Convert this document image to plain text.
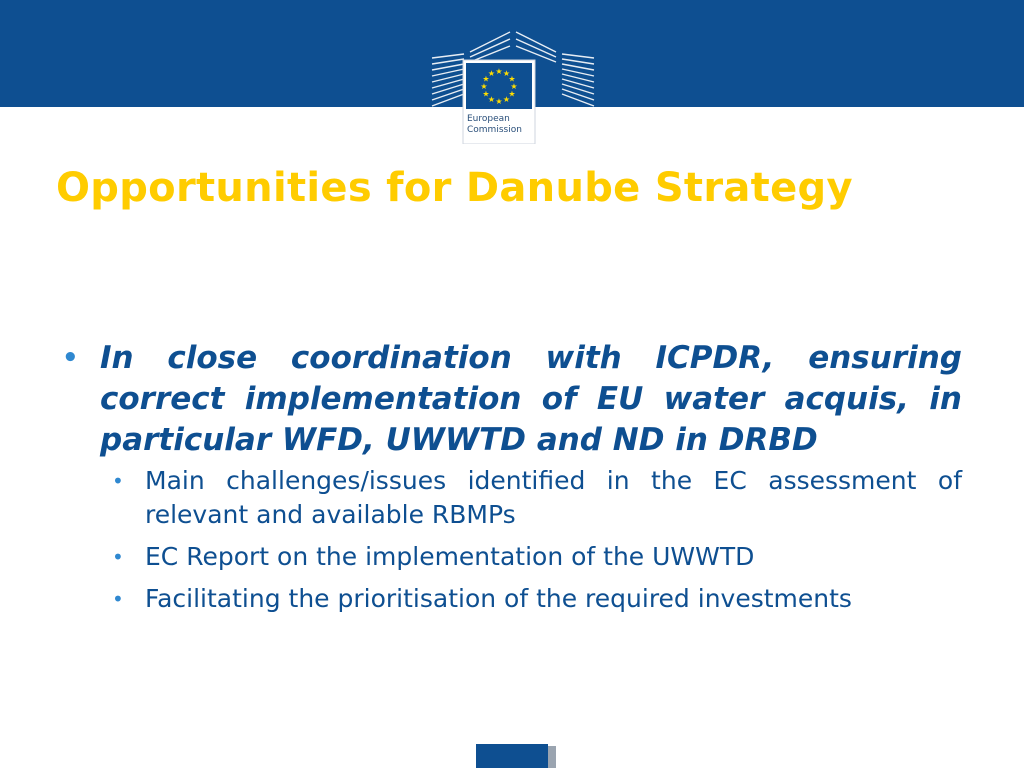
★ ★
★
★
★
★
★
★
★
★
★
★
European
Commission
Opportunities for Danube Strategy
• In close coordination with ICPDR, ensuring correct implementation of EU water acquis, in particular WFD, UWWTD and ND in DRBD
• Main challenges/issues identified in the EC assessment of relevant and available RBMPs
• EC Report on the implementation of the UWWTD
• Facilitating the prioritisation of the required investments
